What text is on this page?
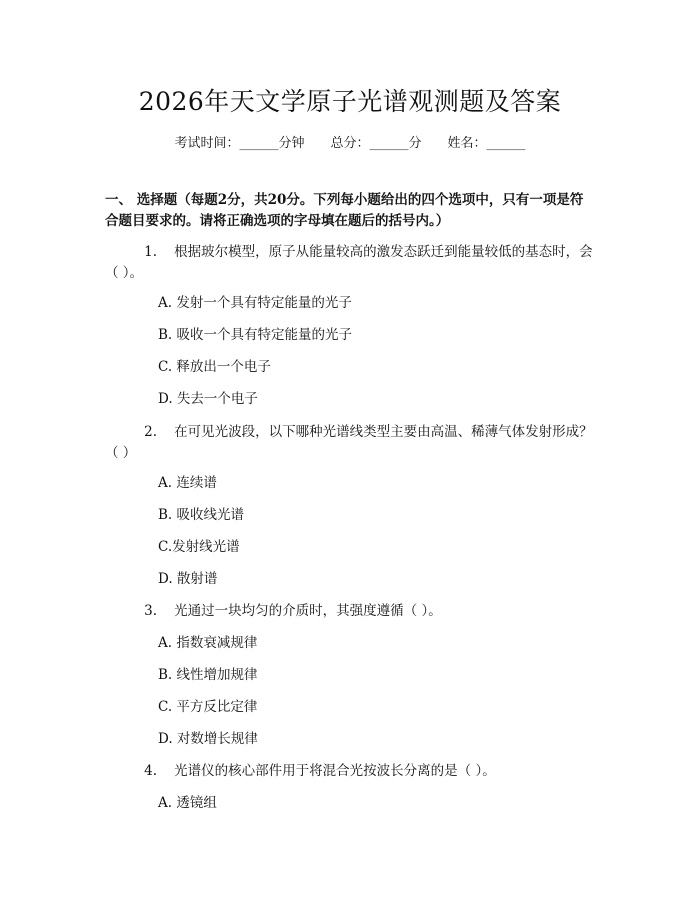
2026年天文学原子光谱观测题及答案
考试时间：______分钟 总分：______分 姓名：______
一、 选择题（每题2分，共20分。下列每小题给出的四个选项中，只有一项是符合题目要求的。请将正确选项的字母填在题后的括号内。）
1. 根据玻尔模型，原子从能量较高的激发态跃迁到能量较低的基态时，会（ ）。
A. 发射一个具有特定能量的光子
B. 吸收一个具有特定能量的光子
C. 释放出一个电子
D. 失去一个电子
2. 在可见光波段，以下哪种光谱线类型主要由高温、稀薄气体发射形成？（ ）
A. 连续谱
B. 吸收线光谱
C.发射线光谱
D. 散射谱
3. 光通过一块均匀的介质时，其强度遵循（ ）。
A. 指数衰减规律
B. 线性增加规律
C. 平方反比定律
D. 对数增长规律
4. 光谱仪的核心部件用于将混合光按波长分离的是（ ）。
A. 透镜组
